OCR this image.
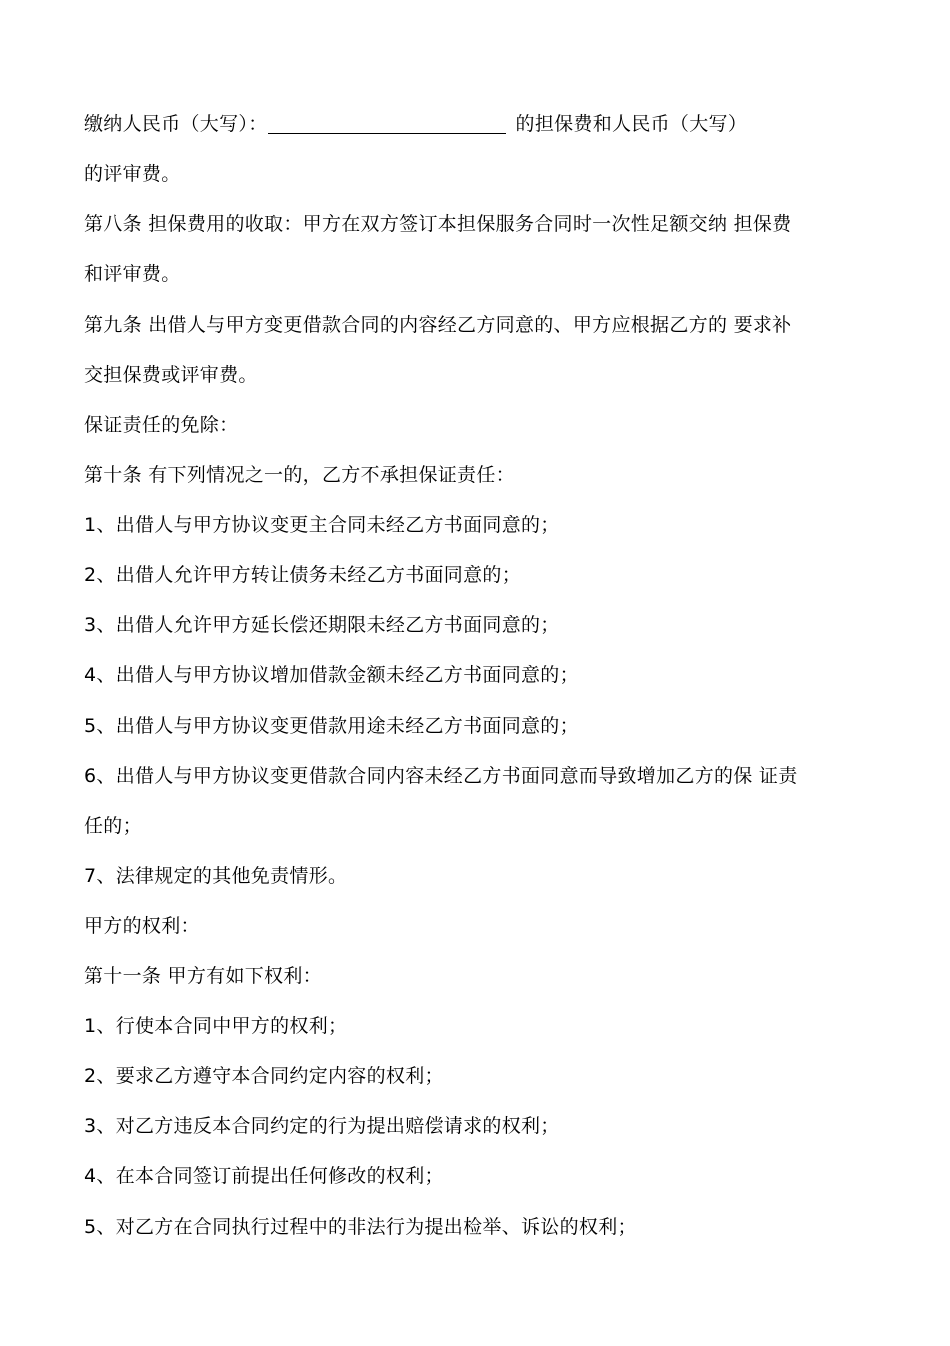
缴纳人民币（大写）：	的担保费和人民币（大写）
的评审费。
第八条 担保费用的收取：甲方在双方签订本担保服务合同时一次性足额交纳 担保费
和评审费。
第九条 出借人与甲方变更借款合同的内容经乙方同意的、甲方应根据乙方的 要求补
交担保费或评审费。
保证责任的免除：
第十条 有下列情况之一的，乙方不承担保证责任：
1、出借人与甲方协议变更主合同未经乙方书面同意的；
2、出借人允许甲方转让债务未经乙方书面同意的；
3、出借人允许甲方延长偿还期限未经乙方书面同意的；
4、出借人与甲方协议增加借款金额未经乙方书面同意的；
5、出借人与甲方协议变更借款用途未经乙方书面同意的；
6、出借人与甲方协议变更借款合同内容未经乙方书面同意而导致增加乙方的保 证责
任的；
7、法律规定的其他免责情形。
甲方的权利：
第十一条 甲方有如下权利：
1、行使本合同中甲方的权利；
2、要求乙方遵守本合同约定内容的权利；
3、对乙方违反本合同约定的行为提出赔偿请求的权利；
4、在本合同签订前提出任何修改的权利；
5、对乙方在合同执行过程中的非法行为提出检举、诉讼的权利；
